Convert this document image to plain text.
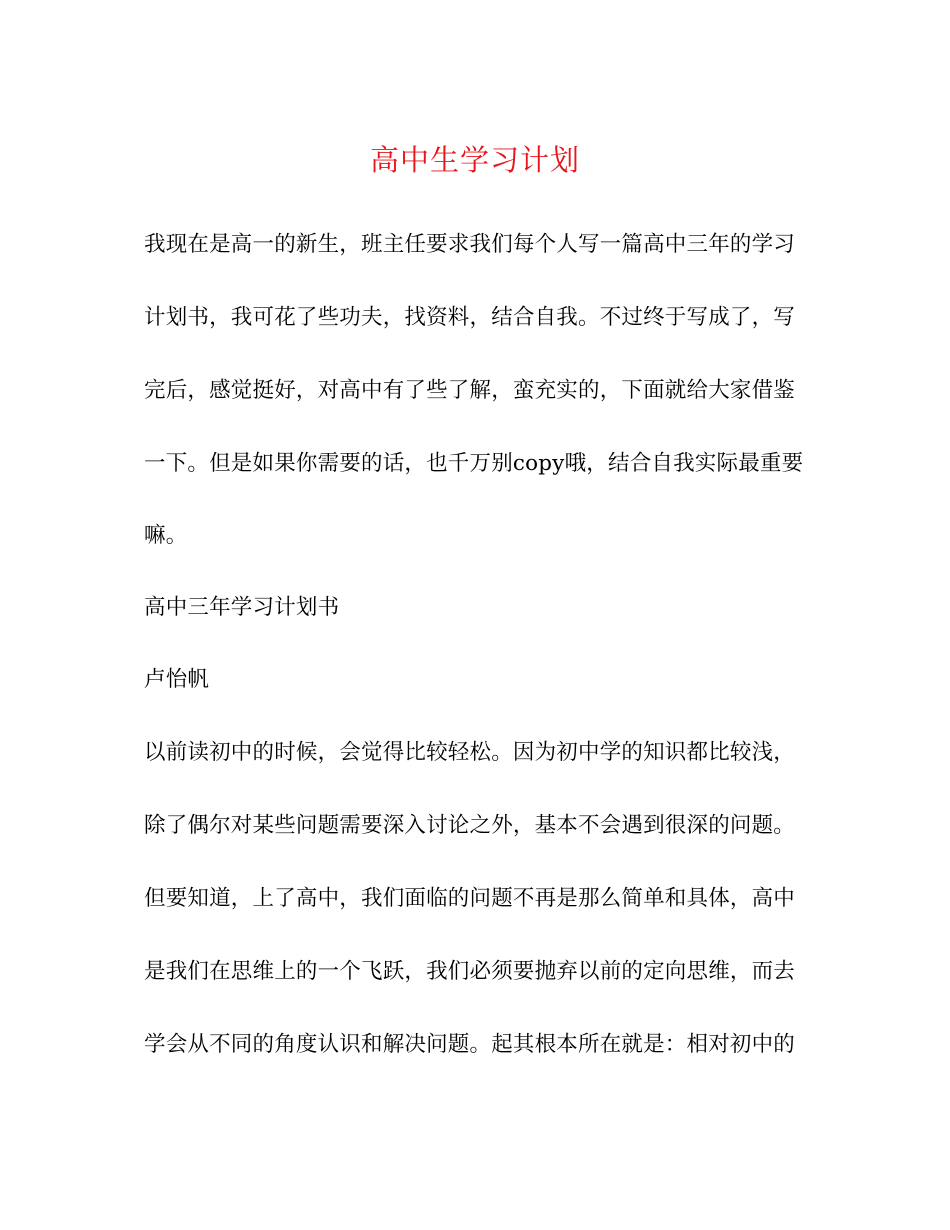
高中生学习计划
我现在是高一的新生，班主任要求我们每个人写一篇高中三年的学习
计划书，我可花了些功夫，找资料，结合自我。不过终于写成了，写
完后，感觉挺好，对高中有了些了解，蛮充实的，下面就给大家借鉴
一下。但是如果你需要的话，也千万别copy哦，结合自我实际最重要
嘛。
高中三年学习计划书
卢怡帆
以前读初中的时候，会觉得比较轻松。因为初中学的知识都比较浅，
除了偶尔对某些问题需要深入讨论之外，基本不会遇到很深的问题。
但要知道，上了高中，我们面临的问题不再是那么简单和具体，高中
是我们在思维上的一个飞跃，我们必须要抛弃以前的定向思维，而去
学会从不同的角度认识和解决问题。起其根本所在就是：相对初中的
